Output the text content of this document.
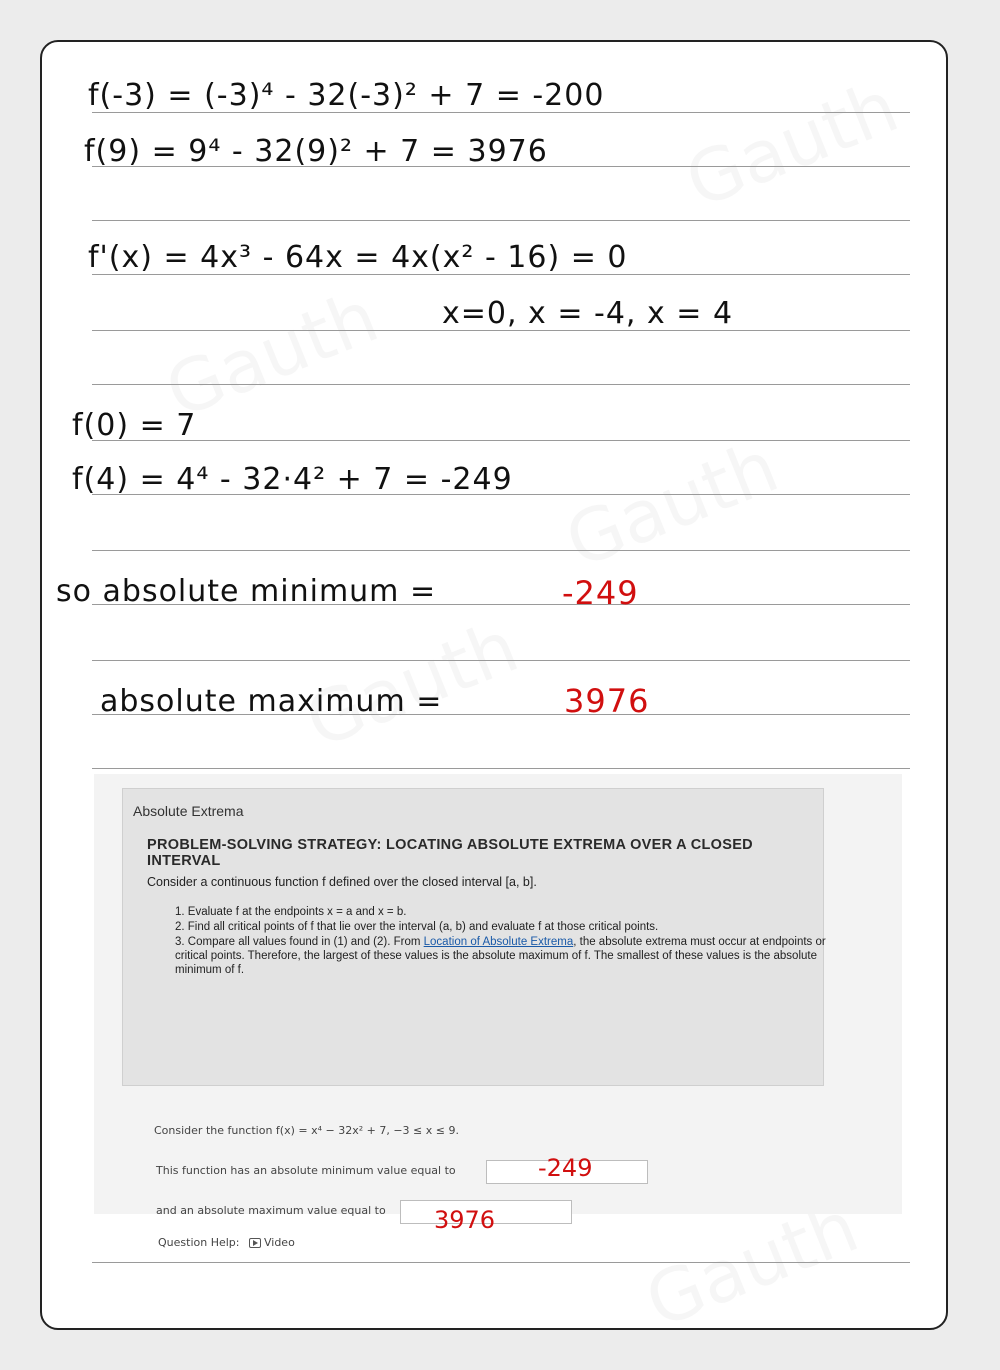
f(-3) = (-3)⁴ - 32(-3)² + 7 = -200
f(9) = 9⁴ - 32(9)² + 7 = 3976
f'(x) = 4x³ - 64x = 4x(x² - 16) = 0
x=0, x = -4, x = 4
f(0) = 7
f(4) = 4⁴ - 32·4² + 7 = -249
so absolute minimum =	-249
absolute maximum =	3976
Absolute Extrema
PROBLEM-SOLVING STRATEGY: LOCATING ABSOLUTE EXTREMA OVER A CLOSED INTERVAL
Consider a continuous function f defined over the closed interval [a, b].

1. Evaluate f at the endpoints x = a and x = b.

2. Find all critical points of f that lie over the interval (a, b) and evaluate f at those critical points.

3. Compare all values found in (1) and (2). From Location of Absolute Extrema, the absolute extrema must occur at endpoints or critical points. Therefore, the largest of these values is the absolute maximum of f. The smallest of these values is the absolute minimum of f.

Consider the function f(x) = x⁴ − 32x² + 7, −3 ≤ x ≤ 9.
This function has an absolute minimum value equal to	-249
and an absolute maximum value equal to 3976
Question Help: Video
